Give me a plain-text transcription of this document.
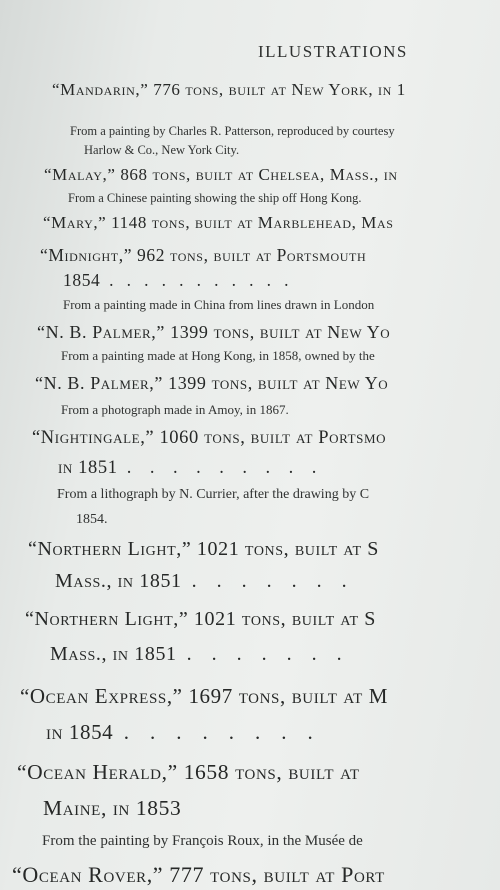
ILLUSTRATIONS
“Mandarin,” 776 tons, built at New York, in 1
From a painting by Charles R. Patterson, reproduced by courtesy
Harlow & Co., New York City.
“Malay,” 868 tons, built at Chelsea, Mass., in
From a Chinese painting showing the ship off Hong Kong.
“Mary,” 1148 tons, built at Marblehead, Mas
“Midnight,” 962 tons, built at Portsmouth
1854  .   .   .   .   .   .   .   .   .   .   .
From a painting made in China from lines drawn in London
“N. B. Palmer,” 1399 tons, built at New Yo
From a painting made at Hong Kong, in 1858, owned by the
“N. B. Palmer,” 1399 tons, built at New Yo
From a photograph made in Amoy, in 1867.
“Nightingale,” 1060 tons, built at Portsmo
in 1851  .    .    .    .    .    .    .    .    .
From a lithograph by N. Currier, after the drawing by C
1854.
“Northern Light,” 1021 tons, built at S
Mass., in 1851  .    .    .    .    .    .    .
“Northern Light,” 1021 tons, built at S
Mass., in 1851  .    .    .    .    .    .    .
“Ocean Express,” 1697 tons, built at M
in 1854  .    .    .    .    .    .    .    .
“Ocean Herald,” 1658 tons, built at
Maine, in 1853
From the painting by François Roux, in the Musée de
“Ocean Rover,” 777 tons, built at Port
